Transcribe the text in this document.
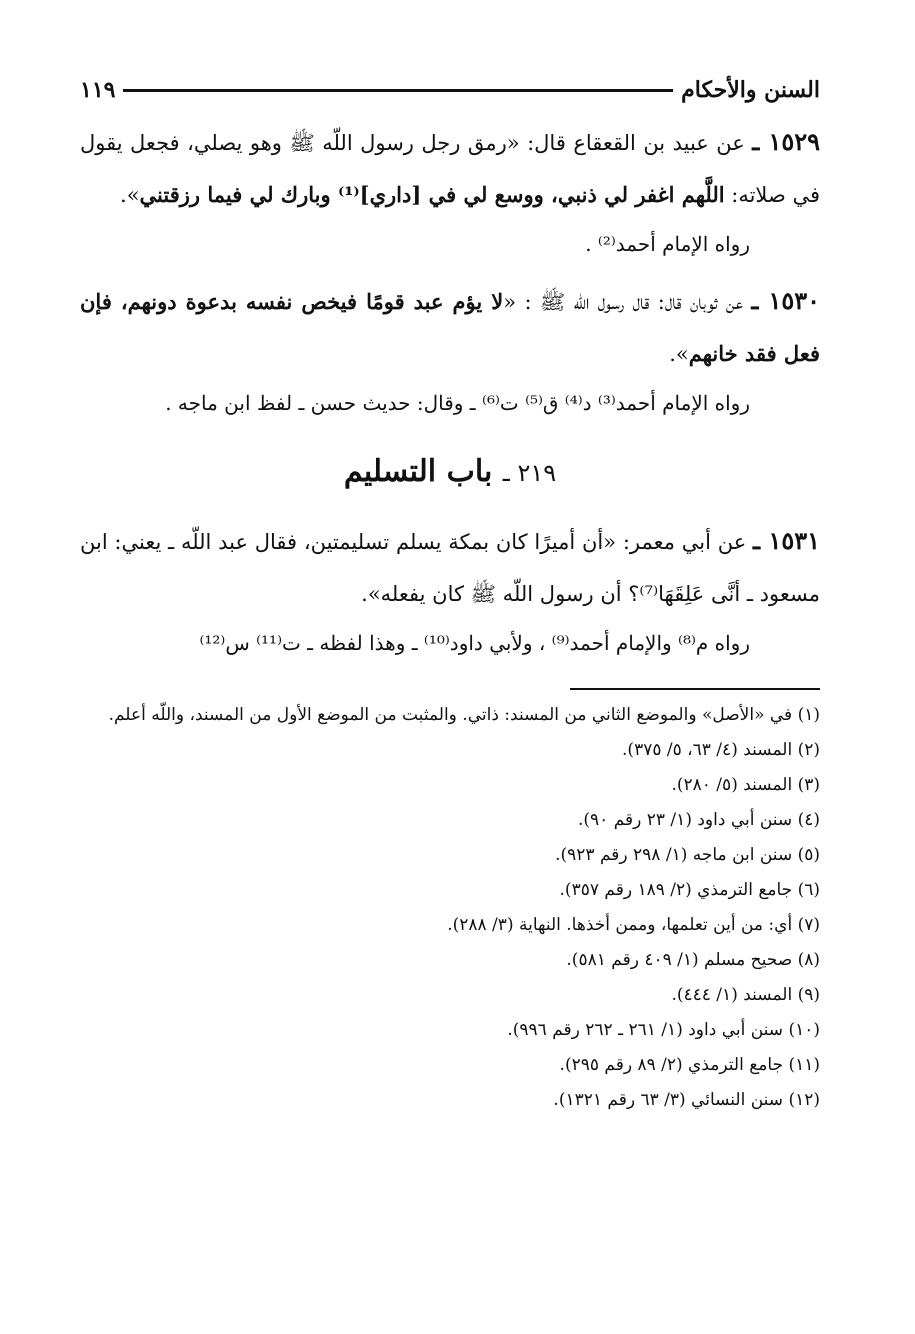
السنن والأحكام
١١٩

١٥٢٩ ـ عن عبيد بن القعقاع قال: «رمق رجل رسول اللّه ﷺ وهو يصلي، فجعل يقول في صلاته: اللَّهم اغفر لي ذنبي، ووسع لي في [داري]⁽¹⁾ وبارك لي فيما رزقتني».

رواه الإمام أحمد⁽²⁾ .

١٥٣٠ ـ عن ثوبان قال: قال رسول اللّه ﷺ : «لا يؤم عبد قومًا فيخص نفسه بدعوة دونهم، فإن فعل فقد خانهم».

رواه الإمام أحمد⁽³⁾ د⁽⁴⁾ ق⁽⁵⁾ ت⁽⁶⁾ ـ وقال: حديث حسن ـ لفظ ابن ماجه .

٢١٩ ـ باب التسليم

١٥٣١ ـ عن أبي معمر: «أن أميرًا كان بمكة يسلم تسليمتين، فقال عبد اللّه ـ يعني: ابن مسعود ـ أنَّى عَلِقَهَا⁽⁷⁾؟ أن رسول اللّه ﷺ كان يفعله».

رواه م⁽⁸⁾ والإمام أحمد⁽⁹⁾ ، ولأبي داود⁽¹⁰⁾ ـ وهذا لفظه ـ ت⁽¹¹⁾ س⁽¹²⁾

(١) في «الأصل» والموضع الثاني من المسند: ذاتي. والمثبت من الموضع الأول من المسند، واللّه أعلم.
(٢) المسند (٤/ ٦٣، ٥/ ٣٧٥).
(٣) المسند (٥/ ٢٨٠).
(٤) سنن أبي داود (١/ ٢٣ رقم ٩٠).
(٥) سنن ابن ماجه (١/ ٢٩٨ رقم ٩٢٣).
(٦) جامع الترمذي (٢/ ١٨٩ رقم ٣٥٧).
(٧) أي: من أين تعلمها، وممن أخذها. النهاية (٣/ ٢٨٨).
(٨) صحيح مسلم (١/ ٤٠٩ رقم ٥٨١).
(٩) المسند (١/ ٤٤٤).
(١٠) سنن أبي داود (١/ ٢٦١ ـ ٢٦٢ رقم ٩٩٦).
(١١) جامع الترمذي (٢/ ٨٩ رقم ٢٩٥).
(١٢) سنن النسائي (٣/ ٦٣ رقم ١٣٢١).
